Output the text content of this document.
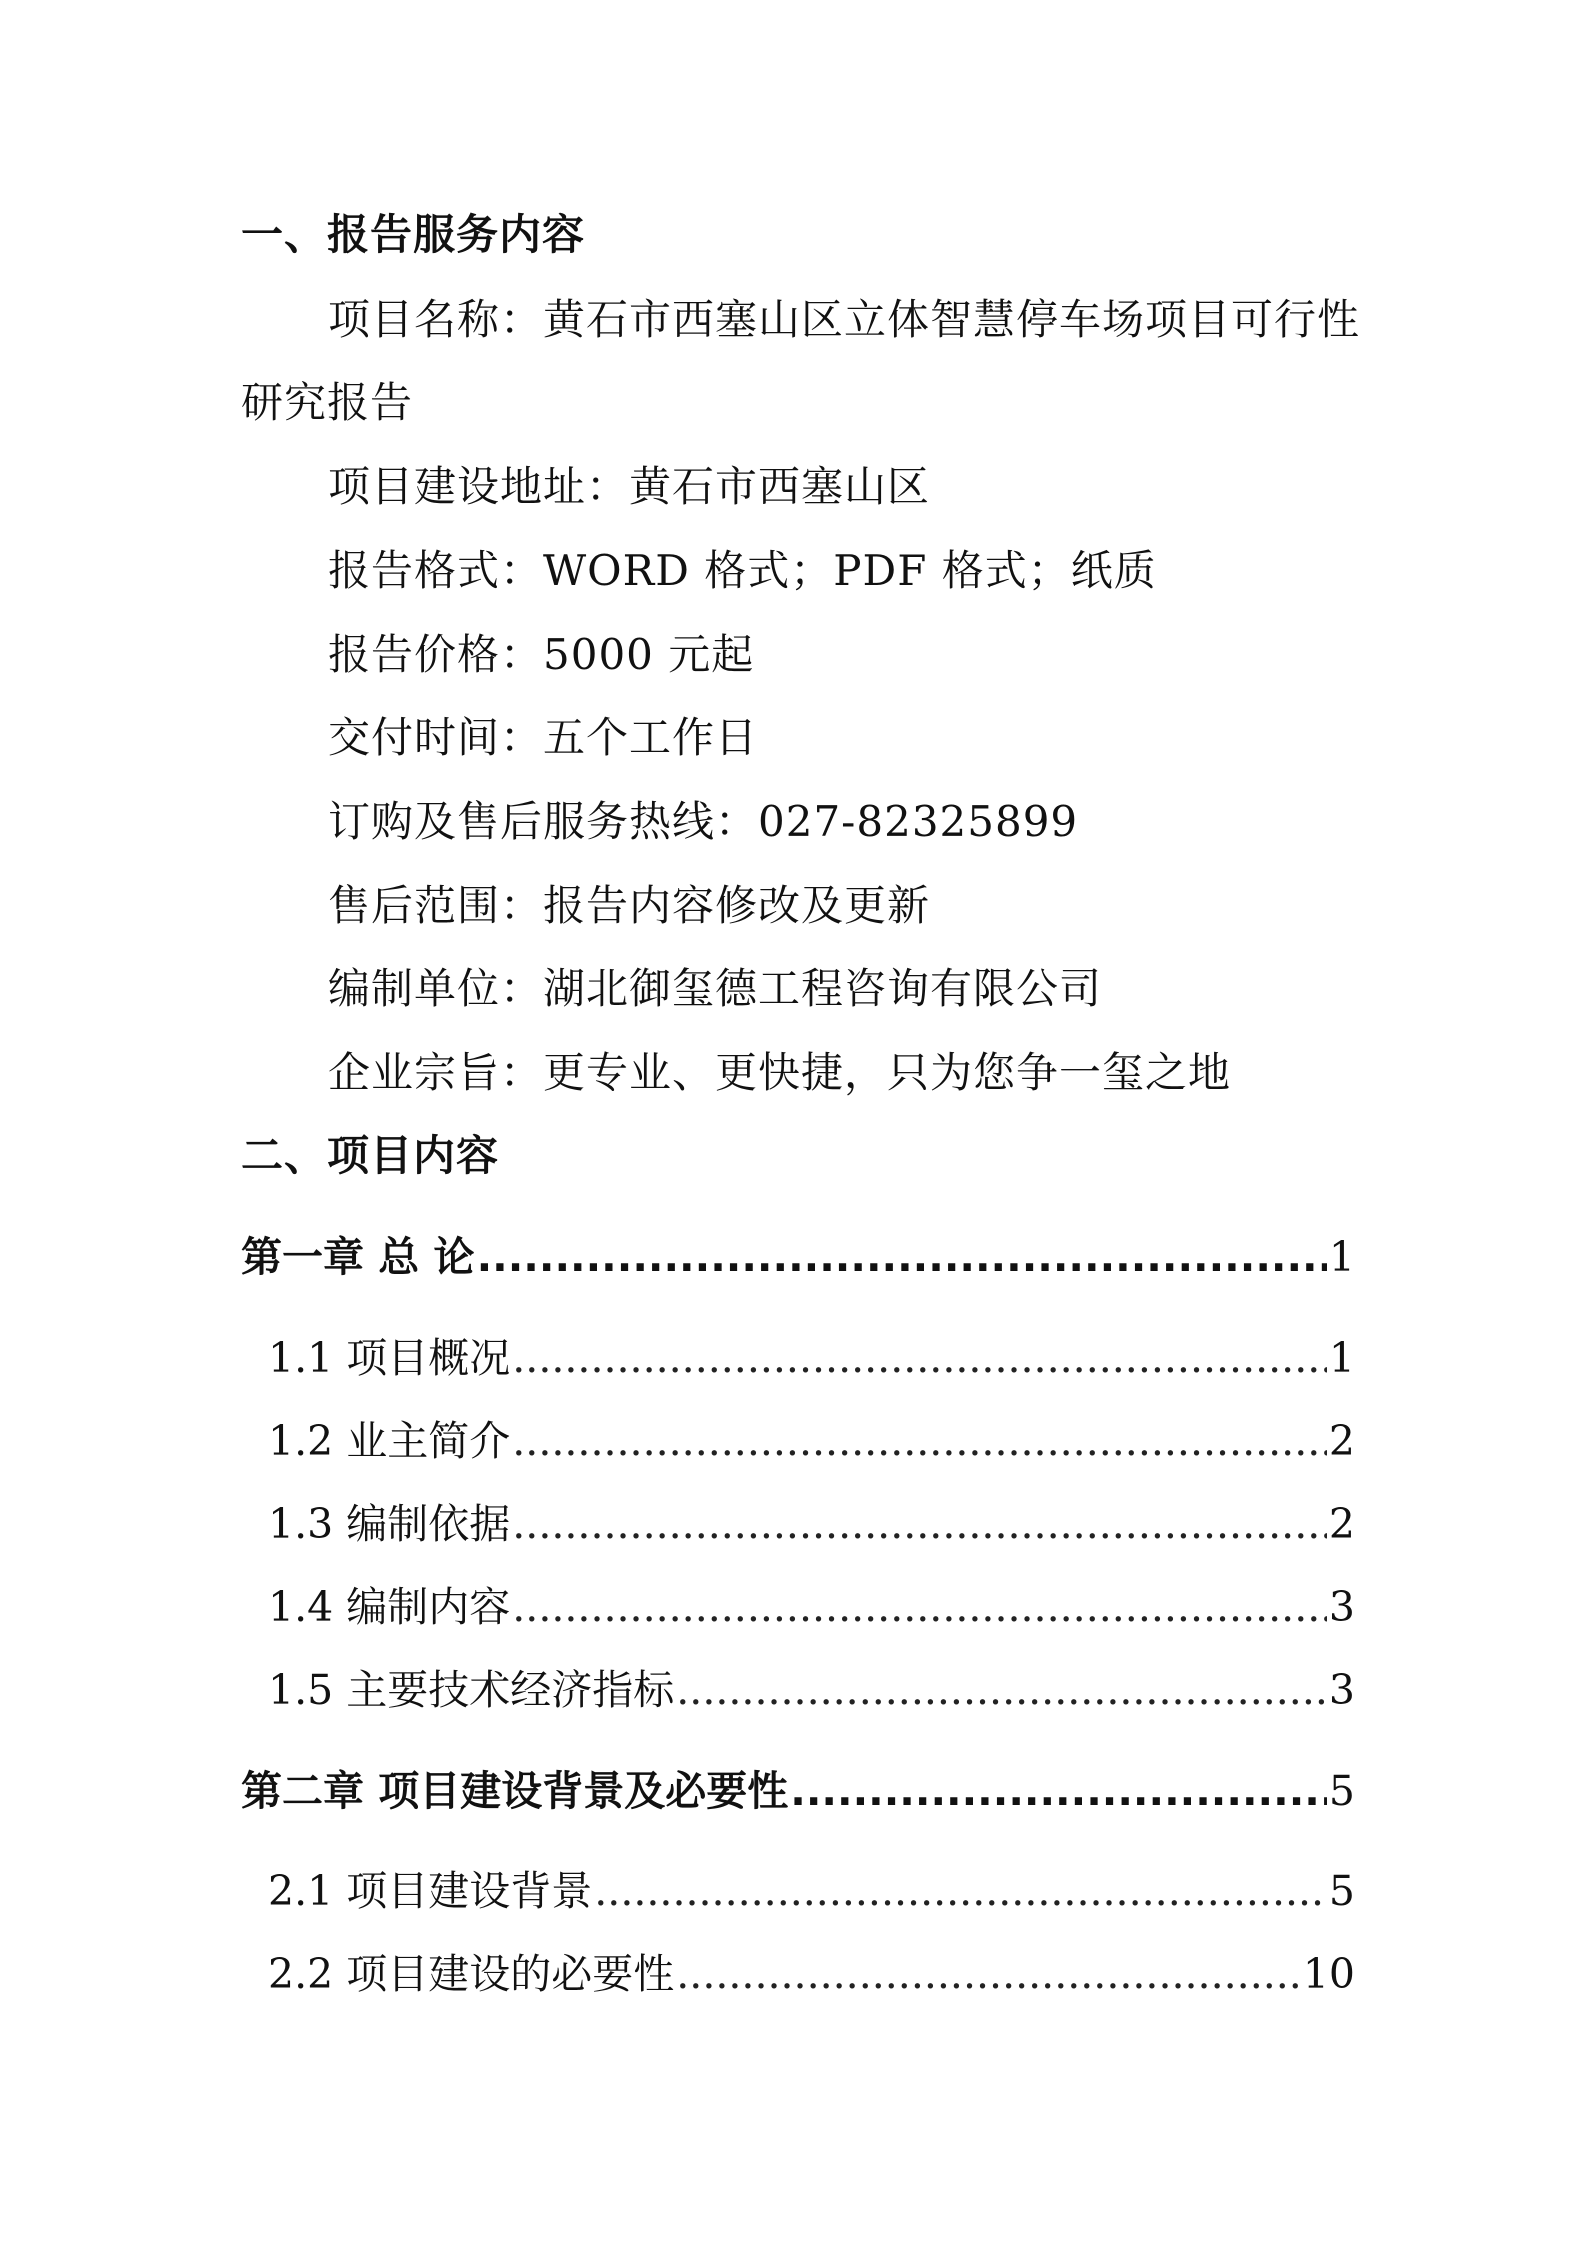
一、报告服务内容
项目名称：黄石市西塞山区立体智慧停车场项目可行性
研究报告
项目建设地址：黄石市西塞山区
报告格式：WORD 格式；PDF 格式；纸质
报告价格：5000 元起
交付时间：五个工作日
订购及售后服务热线：027-82325899
售后范围：报告内容修改及更新
编制单位：湖北御玺德工程咨询有限公司
企业宗旨：更专业、更快捷，只为您争一玺之地
二、项目内容
第一章 总 论 .....	1
1.1 项目概况 .....	1
1.2 业主简介 .....	2
1.3 编制依据 .....	2
1.4 编制内容 .....	3
1.5 主要技术经济指标 .....	3
第二章 项目建设背景及必要性 .....	5
2.1 项目建设背景 .....	5
2.2 项目建设的必要性 .....	10
